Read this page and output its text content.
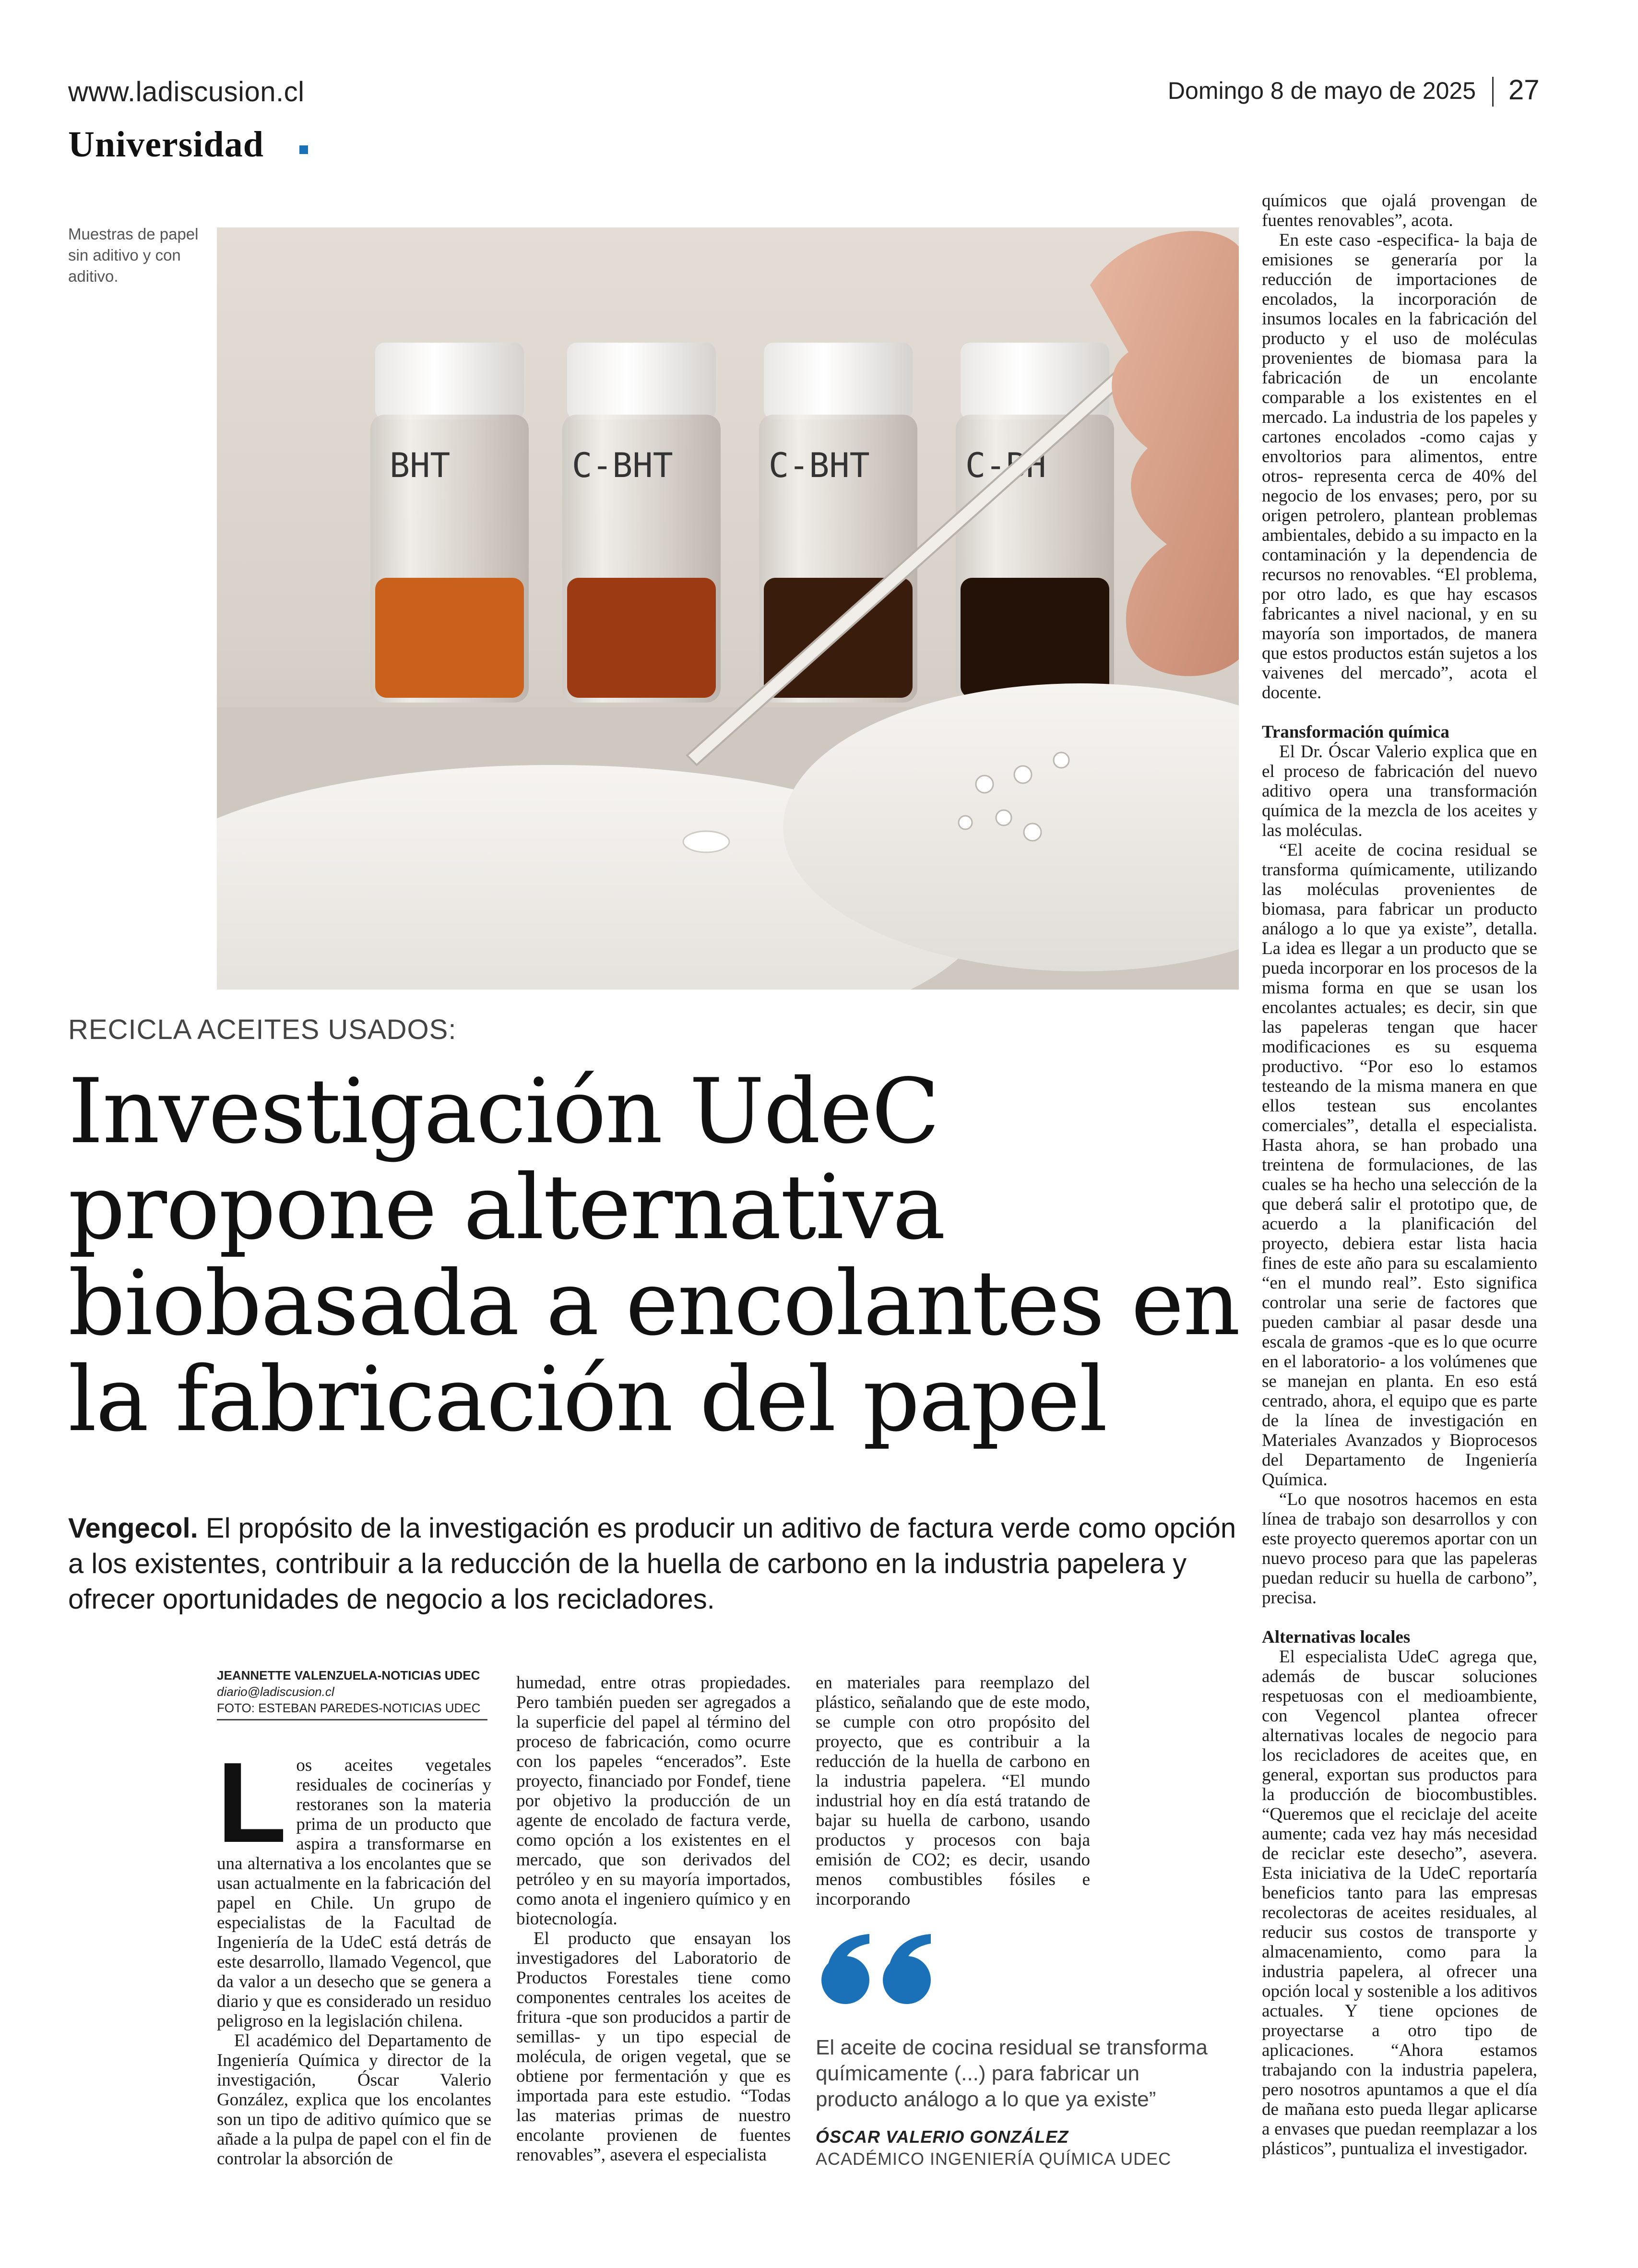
www.ladiscusion.cl	Domingo 8 de mayo de 2025 27
Universidad
Muestras de papel sin aditivo y con aditivo.
BHT	C-BHT	C-BHT	C-BH
RECICLA ACEITES USADOS:
Investigación UdeC propone alternativa biobasada a encolantes en la fabricación del papel
Vengecol. El propósito de la investigación es producir un aditivo de factura verde como opción a los existentes, contribuir a la reducción de la huella de carbono en la industria papelera y ofrecer oportunidades de negocio a los recicladores.
JEANNETTE VALENZUELA-NOTICIAS UDEC
diario@ladiscusion.cl
FOTO: ESTEBAN PAREDES-NOTICIAS UDEC
L os aceites vegetales residuales de cocinerías y restoranes son la materia prima de un producto que aspira a transformarse en una alternativa a los encolantes que se usan actualmente en la fabricación del papel en Chile. Un grupo de especialistas de la Facultad de Ingeniería de la UdeC está detrás de este desarrollo, llamado Vegencol, que da valor a un desecho que se genera a diario y que es considerado un residuo peligroso en la legislación chilena.

El académico del Departamento de Ingeniería Química y director de la investigación, Óscar Valerio González, explica que los encolantes son un tipo de aditivo químico que se añade a la pulpa de papel con el fin de controlar la absorción de

humedad, entre otras propiedades. Pero también pueden ser agregados a la superficie del papel al término del proceso de fabricación, como ocurre con los papeles “encerados”. Este proyecto, financiado por Fondef, tiene por objetivo la producción de un agente de encolado de factura verde, como opción a los existentes en el mercado, que son derivados del petróleo y en su mayoría importados, como anota el ingeniero químico y en biotecnología.

El producto que ensayan los investigadores del Laboratorio de Productos Forestales tiene como componentes centrales los aceites de fritura -que son producidos a partir de semillas- y un tipo especial de molécula, de origen vegetal, que se obtiene por fermentación y que es importada para este estudio. “Todas las materias primas de nuestro encolante provienen de fuentes renovables”, asevera el especialista

en materiales para reemplazo del plástico, señalando que de este modo, se cumple con otro propósito del proyecto, que es contribuir a la reducción de la huella de carbono en la industria papelera. “El mundo industrial hoy en día está tratando de bajar su huella de carbono, usando productos y procesos con baja emisión de CO2; es decir, usando menos combustibles fósiles e incorporando

El aceite de cocina residual se transforma químicamente (...) para fabricar un producto análogo a lo que ya existe”
ÓSCAR VALERIO GONZÁLEZ
ACADÉMICO INGENIERÍA QUÍMICA UDEC

químicos que ojalá provengan de fuentes renovables”, acota.

En este caso -especifica- la baja de emisiones se generaría por la reducción de importaciones de encolados, la incorporación de insumos locales en la fabricación del producto y el uso de moléculas provenientes de biomasa para la fabricación de un encolante comparable a los existentes en el mercado. La industria de los papeles y cartones encolados -como cajas y envoltorios para alimentos, entre otros- representa cerca de 40% del negocio de los envases; pero, por su origen petrolero, plantean problemas ambientales, debido a su impacto en la contaminación y la dependencia de recursos no renovables. “El problema, por otro lado, es que hay escasos fabricantes a nivel nacional, y en su mayoría son importados, de manera que estos productos están sujetos a los vaivenes del mercado”, acota el docente.

Transformación química

El Dr. Óscar Valerio explica que en el proceso de fabricación del nuevo aditivo opera una transformación química de la mezcla de los aceites y las moléculas.

“El aceite de cocina residual se transforma químicamente, utilizando las moléculas provenientes de biomasa, para fabricar un producto análogo a lo que ya existe”, detalla. La idea es llegar a un producto que se pueda incorporar en los procesos de la misma forma en que se usan los encolantes actuales; es decir, sin que las papeleras tengan que hacer modificaciones es su esquema productivo. “Por eso lo estamos testeando de la misma manera en que ellos testean sus encolantes comerciales”, detalla el especialista. Hasta ahora, se han probado una treintena de formulaciones, de las cuales se ha hecho una selección de la que deberá salir el prototipo que, de acuerdo a la planificación del proyecto, debiera estar lista hacia fines de este año para su escalamiento “en el mundo real”. Esto significa controlar una serie de factores que pueden cambiar al pasar desde una escala de gramos -que es lo que ocurre en el laboratorio- a los volúmenes que se manejan en planta. En eso está centrado, ahora, el equipo que es parte de la línea de investigación en Materiales Avanzados y Bioprocesos del Departamento de Ingeniería Química.

“Lo que nosotros hacemos en esta línea de trabajo son desarrollos y con este proyecto queremos aportar con un nuevo proceso para que las papeleras puedan reducir su huella de carbono”, precisa.

Alternativas locales

El especialista UdeC agrega que, además de buscar soluciones respetuosas con el medioambiente, con Vegencol plantea ofrecer alternativas locales de negocio para los recicladores de aceites que, en general, exportan sus productos para la producción de biocombustibles. “Queremos que el reciclaje del aceite aumente; cada vez hay más necesidad de reciclar este desecho”, asevera. Esta iniciativa de la UdeC reportaría beneficios tanto para las empresas recolectoras de aceites residuales, al reducir sus costos de transporte y almacenamiento, como para la industria papelera, al ofrecer una opción local y sostenible a los aditivos actuales. Y tiene opciones de proyectarse a otro tipo de aplicaciones. “Ahora estamos trabajando con la industria papelera, pero nosotros apuntamos a que el día de mañana esto pueda llegar aplicarse a envases que puedan reemplazar a los plásticos”, puntualiza el investigador.
